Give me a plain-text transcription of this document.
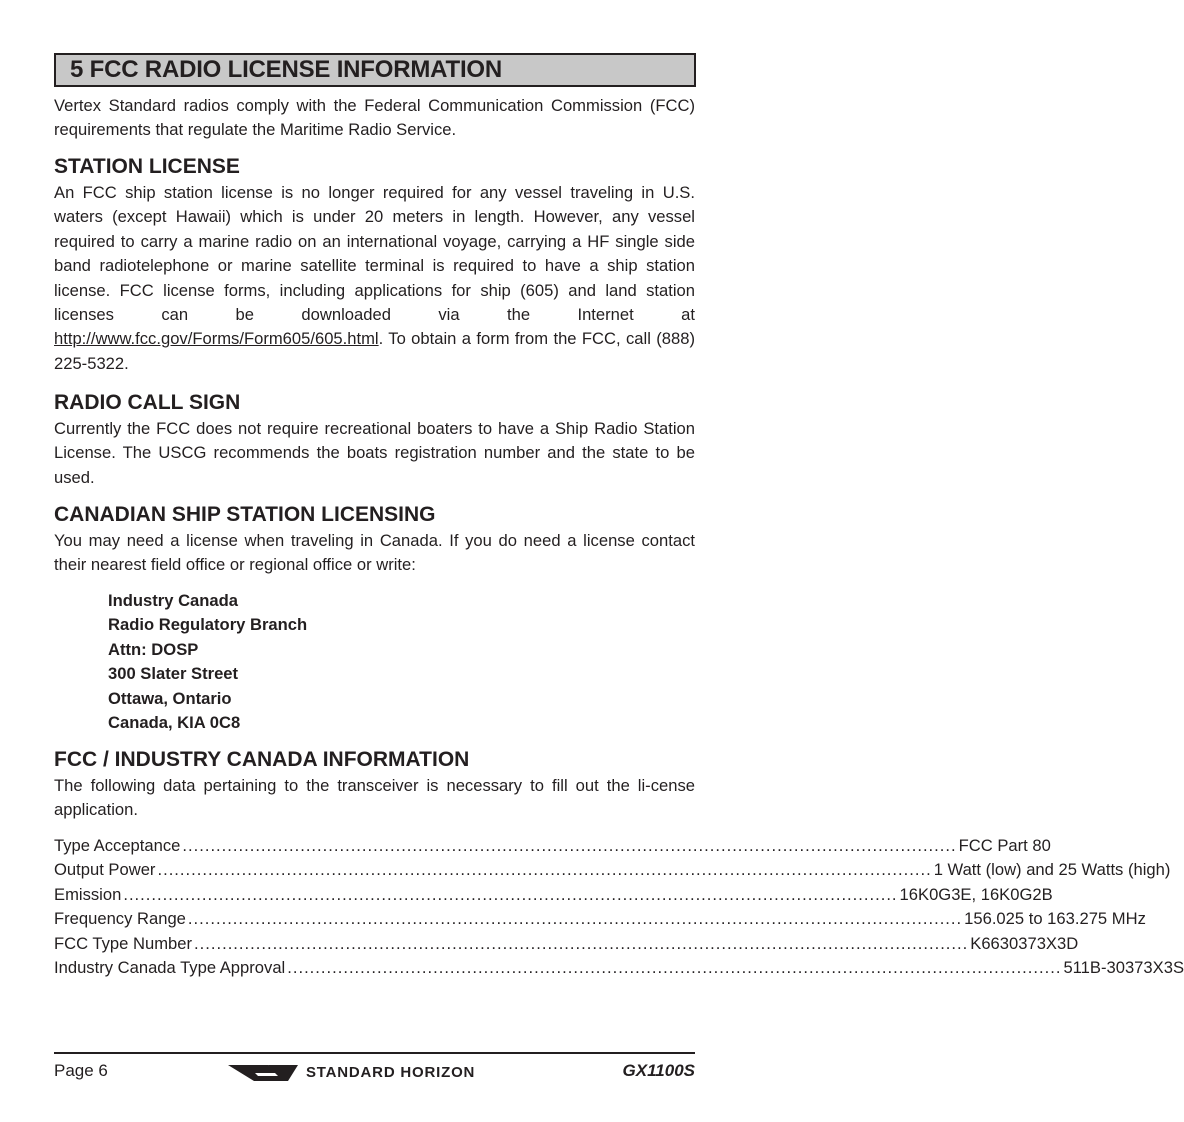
5 FCC RADIO LICENSE INFORMATION

Vertex Standard radios comply with the Federal Communication Commission (FCC) requirements that regulate the Maritime Radio Service.

STATION LICENSE

An FCC ship station license is no longer required for any vessel traveling in U.S. waters (except Hawaii) which is under 20 meters in length. However, any vessel required to carry a marine radio on an international voyage, carrying a HF single side band radiotelephone or marine satellite terminal is required to have a ship station license. FCC license forms, including applications for ship (605) and land station licenses can be downloaded via the Internet at http://www.fcc.gov/Forms/Form605/605.html. To obtain a form from the FCC, call (888) 225-5322.

RADIO CALL SIGN

Currently the FCC does not require recreational boaters to have a Ship Radio Station License. The USCG recommends the boats registration number and the state to be used.

CANADIAN SHIP STATION LICENSING

You may need a license when traveling in Canada. If you do need a license contact their nearest field office or regional office or write:

Industry Canada
Radio Regulatory Branch
Attn: DOSP
300 Slater Street
Ottawa, Ontario
Canada, KIA 0C8
FCC / INDUSTRY CANADA INFORMATION

The following data pertaining to the transceiver is necessary to fill out the li-cense application.

Type Acceptance .......................................................................................................................................... FCC Part 80
Output Power .......................................................................................................................................... 1 Watt (low) and 25 Watts (high)
Emission .......................................................................................................................................... 16K0G3E, 16K0G2B
Frequency Range .......................................................................................................................................... 156.025 to 163.275 MHz
FCC Type Number .......................................................................................................................................... K6630373X3D
Industry Canada Type Approval .......................................................................................................................................... 511B-30373X3S
Page 6	STANDARD HORIZON	GX1100S
